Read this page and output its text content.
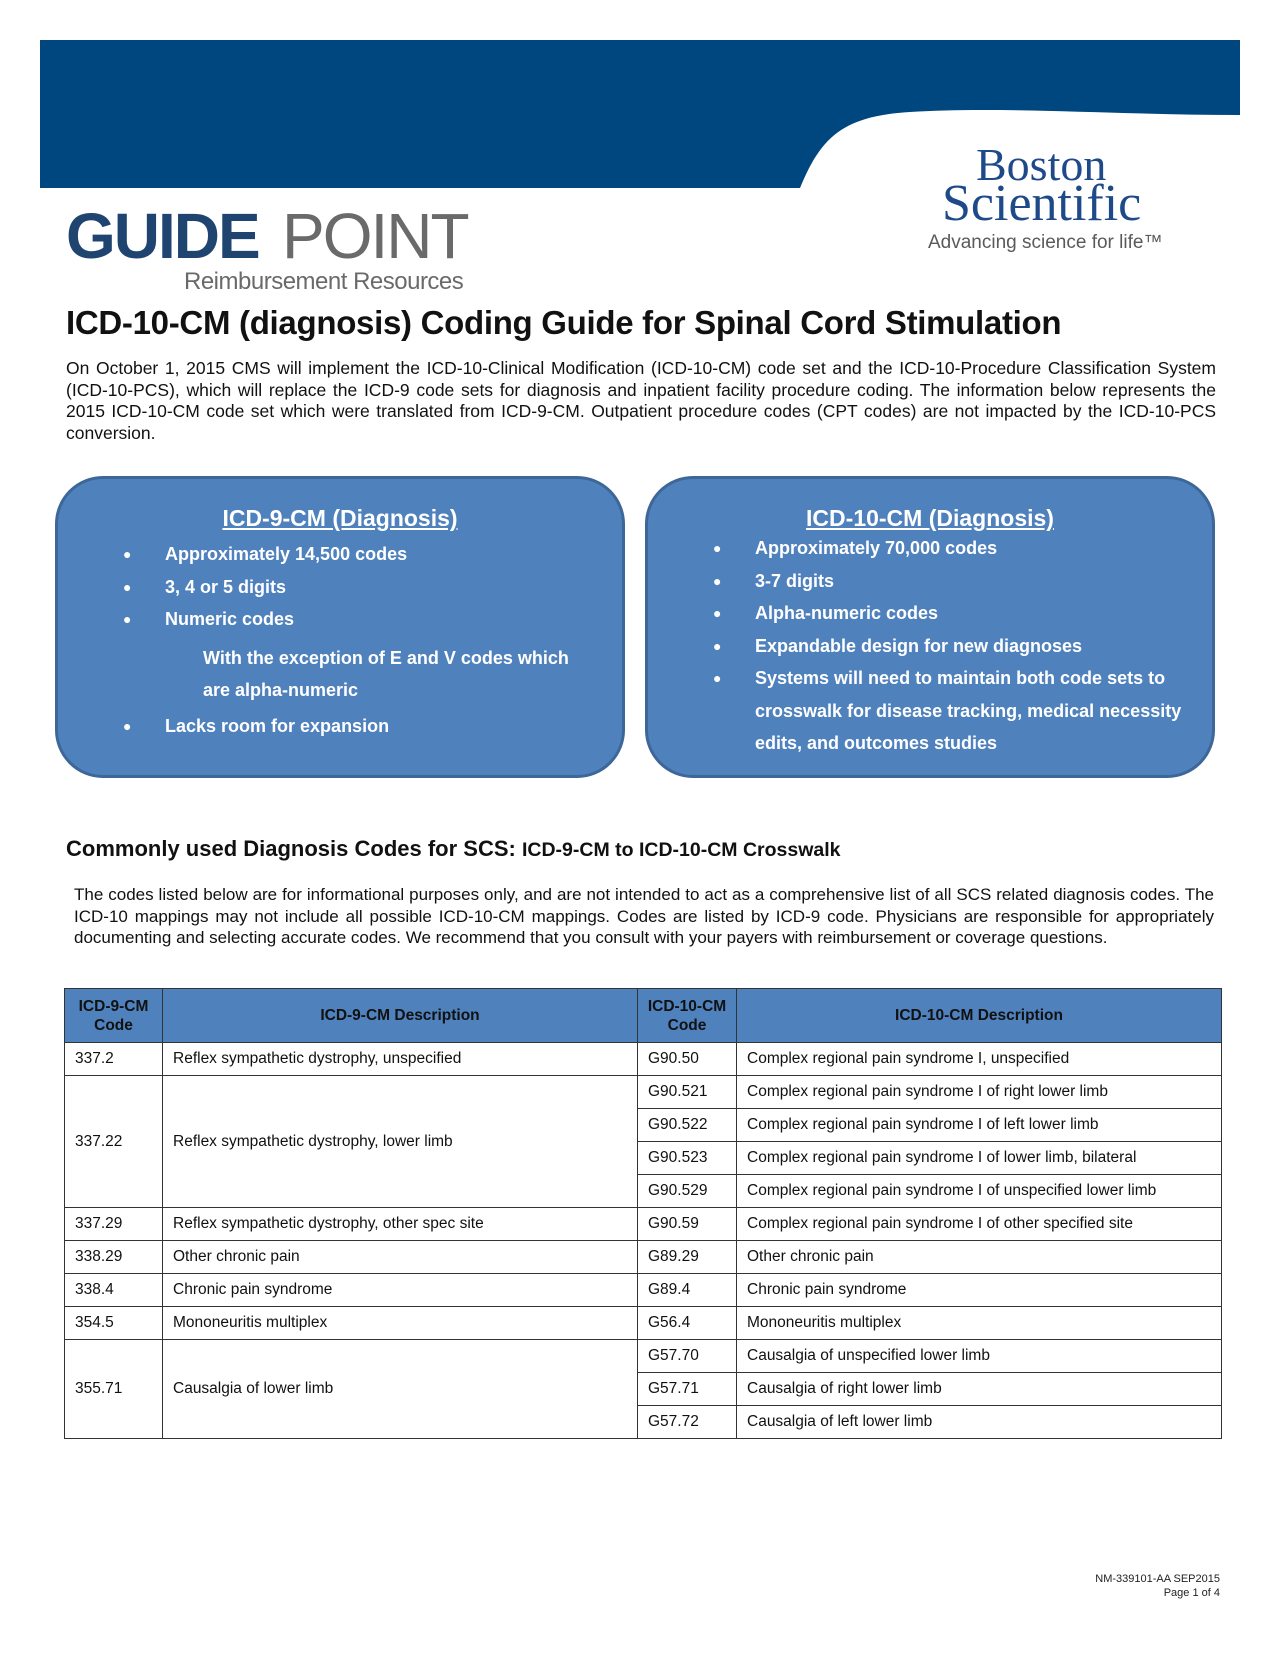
GUIDE POINT
Reimbursement Resources
Boston
Scientific
Advancing science for life™
ICD-10-CM (diagnosis) Coding Guide for Spinal Cord Stimulation

On October 1, 2015 CMS will implement the ICD-10-Clinical Modification (ICD-10-CM) code set and the ICD-10-Procedure Classification System (ICD-10-PCS), which will replace the ICD-9 code sets for diagnosis and inpatient facility procedure coding. The information below represents the 2015 ICD-10-CM code set which were translated from ICD-9-CM. Outpatient procedure codes (CPT codes) are not impacted by the ICD-10-PCS conversion.

ICD-9-CM (Diagnosis)
● Approximately 14,500 codes
● 3, 4 or 5 digits
● Numeric codes
With the exception of E and V codes which are alpha-numeric
● Lacks room for expansion
ICD-10-CM (Diagnosis)
● Approximately 70,000 codes
● 3-7 digits
● Alpha-numeric codes
● Expandable design for new diagnoses
● Systems will need to maintain both code sets to crosswalk for disease tracking, medical necessity edits, and outcomes studies
Commonly used Diagnosis Codes for SCS: ICD-9-CM to ICD-10-CM Crosswalk

The codes listed below are for informational purposes only, and are not intended to act as a comprehensive list of all SCS related diagnosis codes. The ICD-10 mappings may not include all possible ICD-10-CM mappings. Codes are listed by ICD-9 code. Physicians are responsible for appropriately documenting and selecting accurate codes. We recommend that you consult with your payers with reimbursement or coverage questions.

ICD-9-CM Code	ICD-9-CM Description	ICD-10-CM Code	ICD-10-CM Description
337.2	Reflex sympathetic dystrophy, unspecified	G90.50	Complex regional pain syndrome I, unspecified
337.22	Reflex sympathetic dystrophy, lower limb	G90.521	Complex regional pain syndrome I of right lower limb
		G90.522	Complex regional pain syndrome I of left lower limb
		G90.523	Complex regional pain syndrome I of lower limb, bilateral
		G90.529	Complex regional pain syndrome I of unspecified lower limb
337.29	Reflex sympathetic dystrophy, other spec site	G90.59	Complex regional pain syndrome I of other specified site
338.29	Other chronic pain	G89.29	Other chronic pain
338.4	Chronic pain syndrome	G89.4	Chronic pain syndrome
354.5	Mononeuritis multiplex	G56.4	Mononeuritis multiplex
355.71	Causalgia of lower limb	G57.70	Causalgia of unspecified lower limb
		G57.71	Causalgia of right lower limb
		G57.72	Causalgia of left lower limb
NM-339101-AA SEP2015
Page 1 of 4
